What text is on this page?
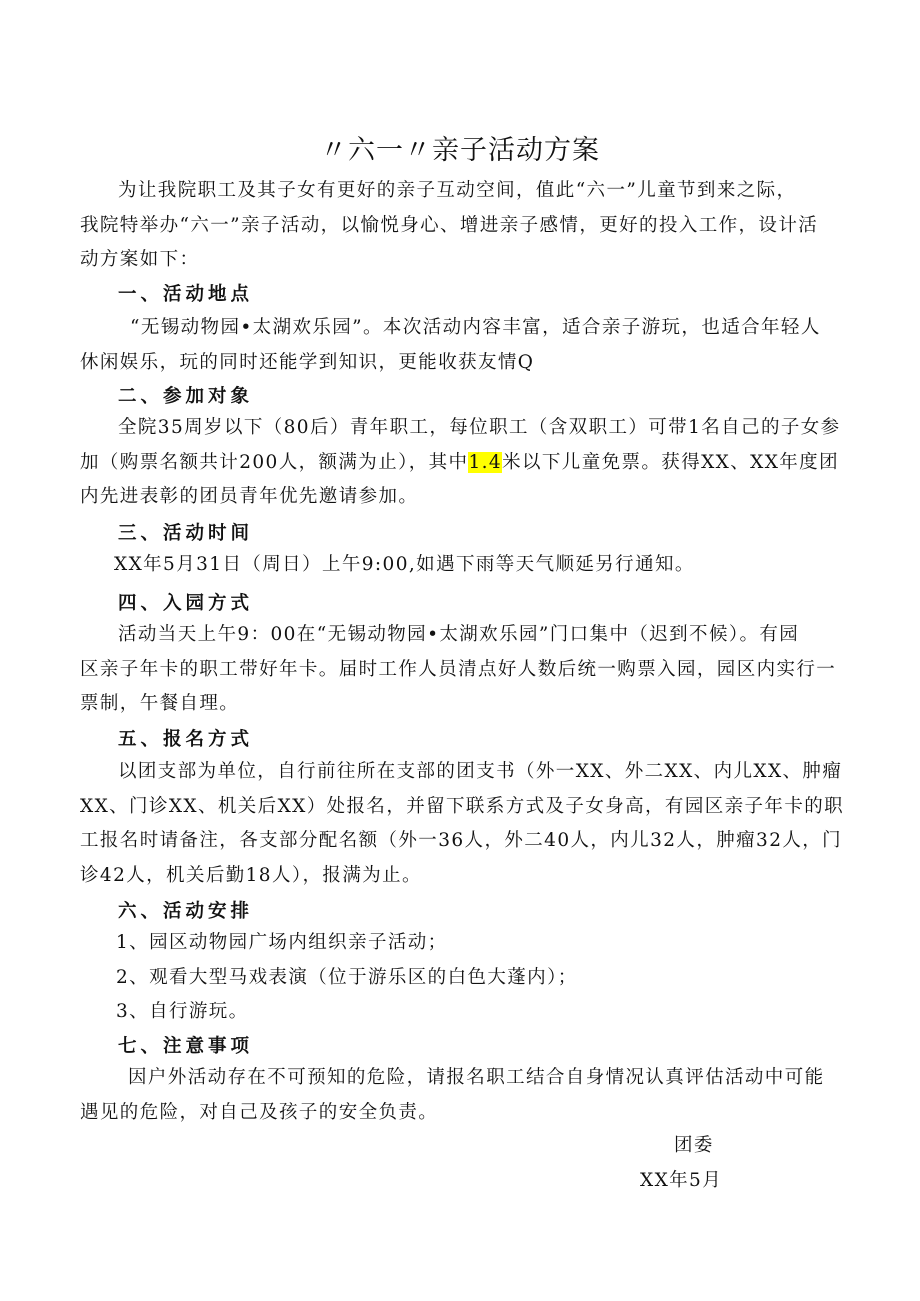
〃六一〃亲子活动方案
为让我院职工及其子女有更好的亲子互动空间，值此“六一”儿童节到来之际，
我院特举办“六一”亲子活动，以愉悦身心、增进亲子感情，更好的投入工作，设计活
动方案如下：
一、活动地点
“无锡动物园•太湖欢乐园”。本次活动内容丰富，适合亲子游玩，也适合年轻人
休闲娱乐，玩的同时还能学到知识，更能收获友情Q
二、参加对象
全院35周岁以下（80后）青年职工，每位职工（含双职工）可带1名自己的子女参
加（购票名额共计200人，额满为止），其中1.4米以下儿童免票。获得XX、XX年度团
内先进表彰的团员青年优先邀请参加。
三、活动时间
XX年5月31日（周日）上午9:00,如遇下雨等天气顺延另行通知。
四、入园方式
活动当天上午9：00在“无锡动物园•太湖欢乐园”门口集中（迟到不候）。有园
区亲子年卡的职工带好年卡。届时工作人员清点好人数后统一购票入园，园区内实行一
票制，午餐自理。
五、报名方式
以团支部为单位，自行前往所在支部的团支书（外一XX、外二XX、内儿XX、肿瘤
XX、门诊XX、机关后XX）处报名，并留下联系方式及子女身高，有园区亲子年卡的职
工报名时请备注，各支部分配名额（外一36人，外二40人，内儿32人，肿瘤32人，门
诊42人，机关后勤18人），报满为止。
六、活动安排
1、园区动物园广场内组织亲子活动；
2、观看大型马戏表演（位于游乐区的白色大蓬内）；
3、自行游玩。
七、注意事项
因户外活动存在不可预知的危险，请报名职工结合自身情况认真评估活动中可能
遇见的危险，对自己及孩子的安全负责。
团委
XX年5月
